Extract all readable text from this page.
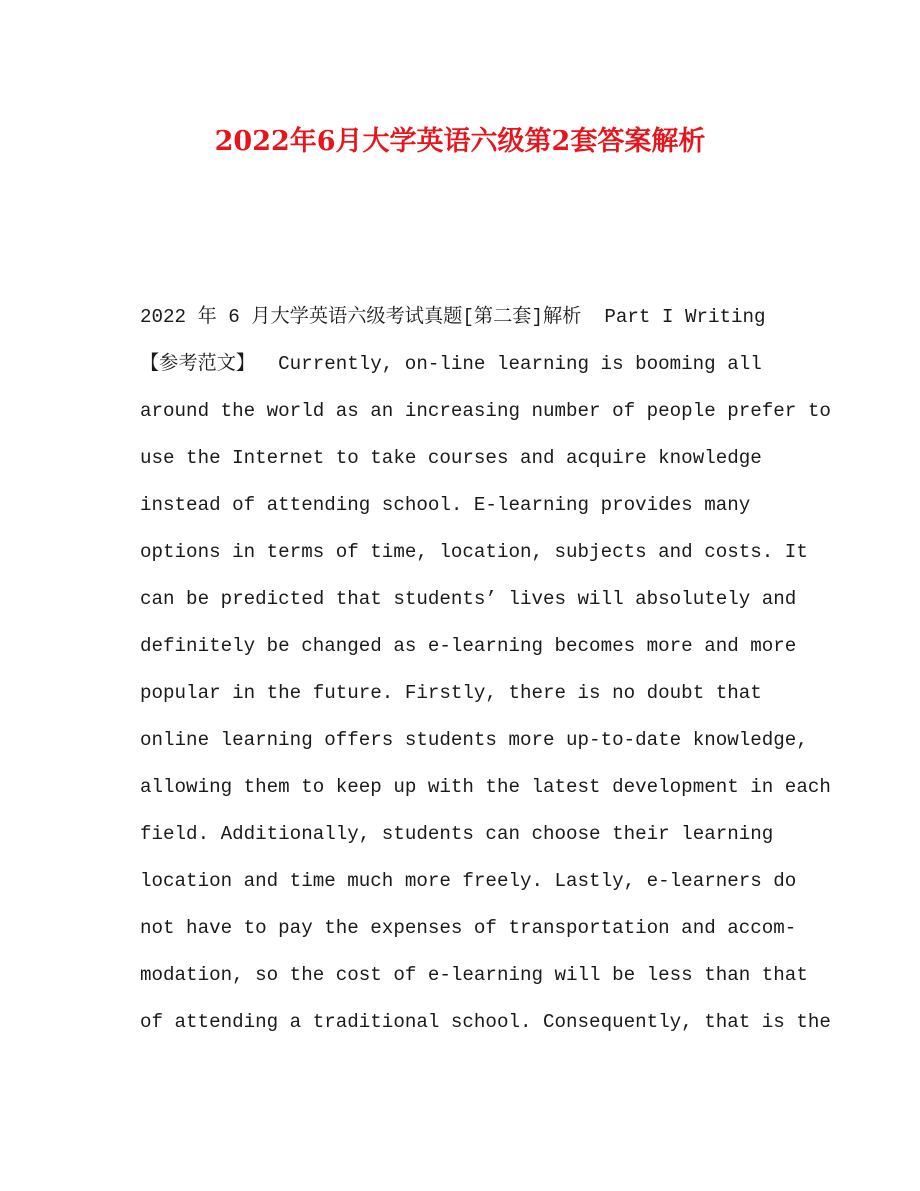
2022年6月大学英语六级第2套答案解析
2022 年 6 月大学英语六级考试真题[第二套]解析  Part I Writing
【参考范文】  Currently, on-line learning is booming all
around the world as an increasing number of people prefer to
use the Internet to take courses and acquire knowledge
instead of attending school. E-learning provides many
options in terms of time, location, subjects and costs. It
can be predicted that students’ lives will absolutely and
definitely be changed as e-learning becomes more and more
popular in the future. Firstly, there is no doubt that
online learning offers students more up-to-date knowledge,
allowing them to keep up with the latest development in each
field. Additionally, students can choose their learning
location and time much more freely. Lastly, e-learners do
not have to pay the expenses of transportation and accom-
modation, so the cost of e-learning will be less than that
of attending a traditional school. Consequently, that is the
